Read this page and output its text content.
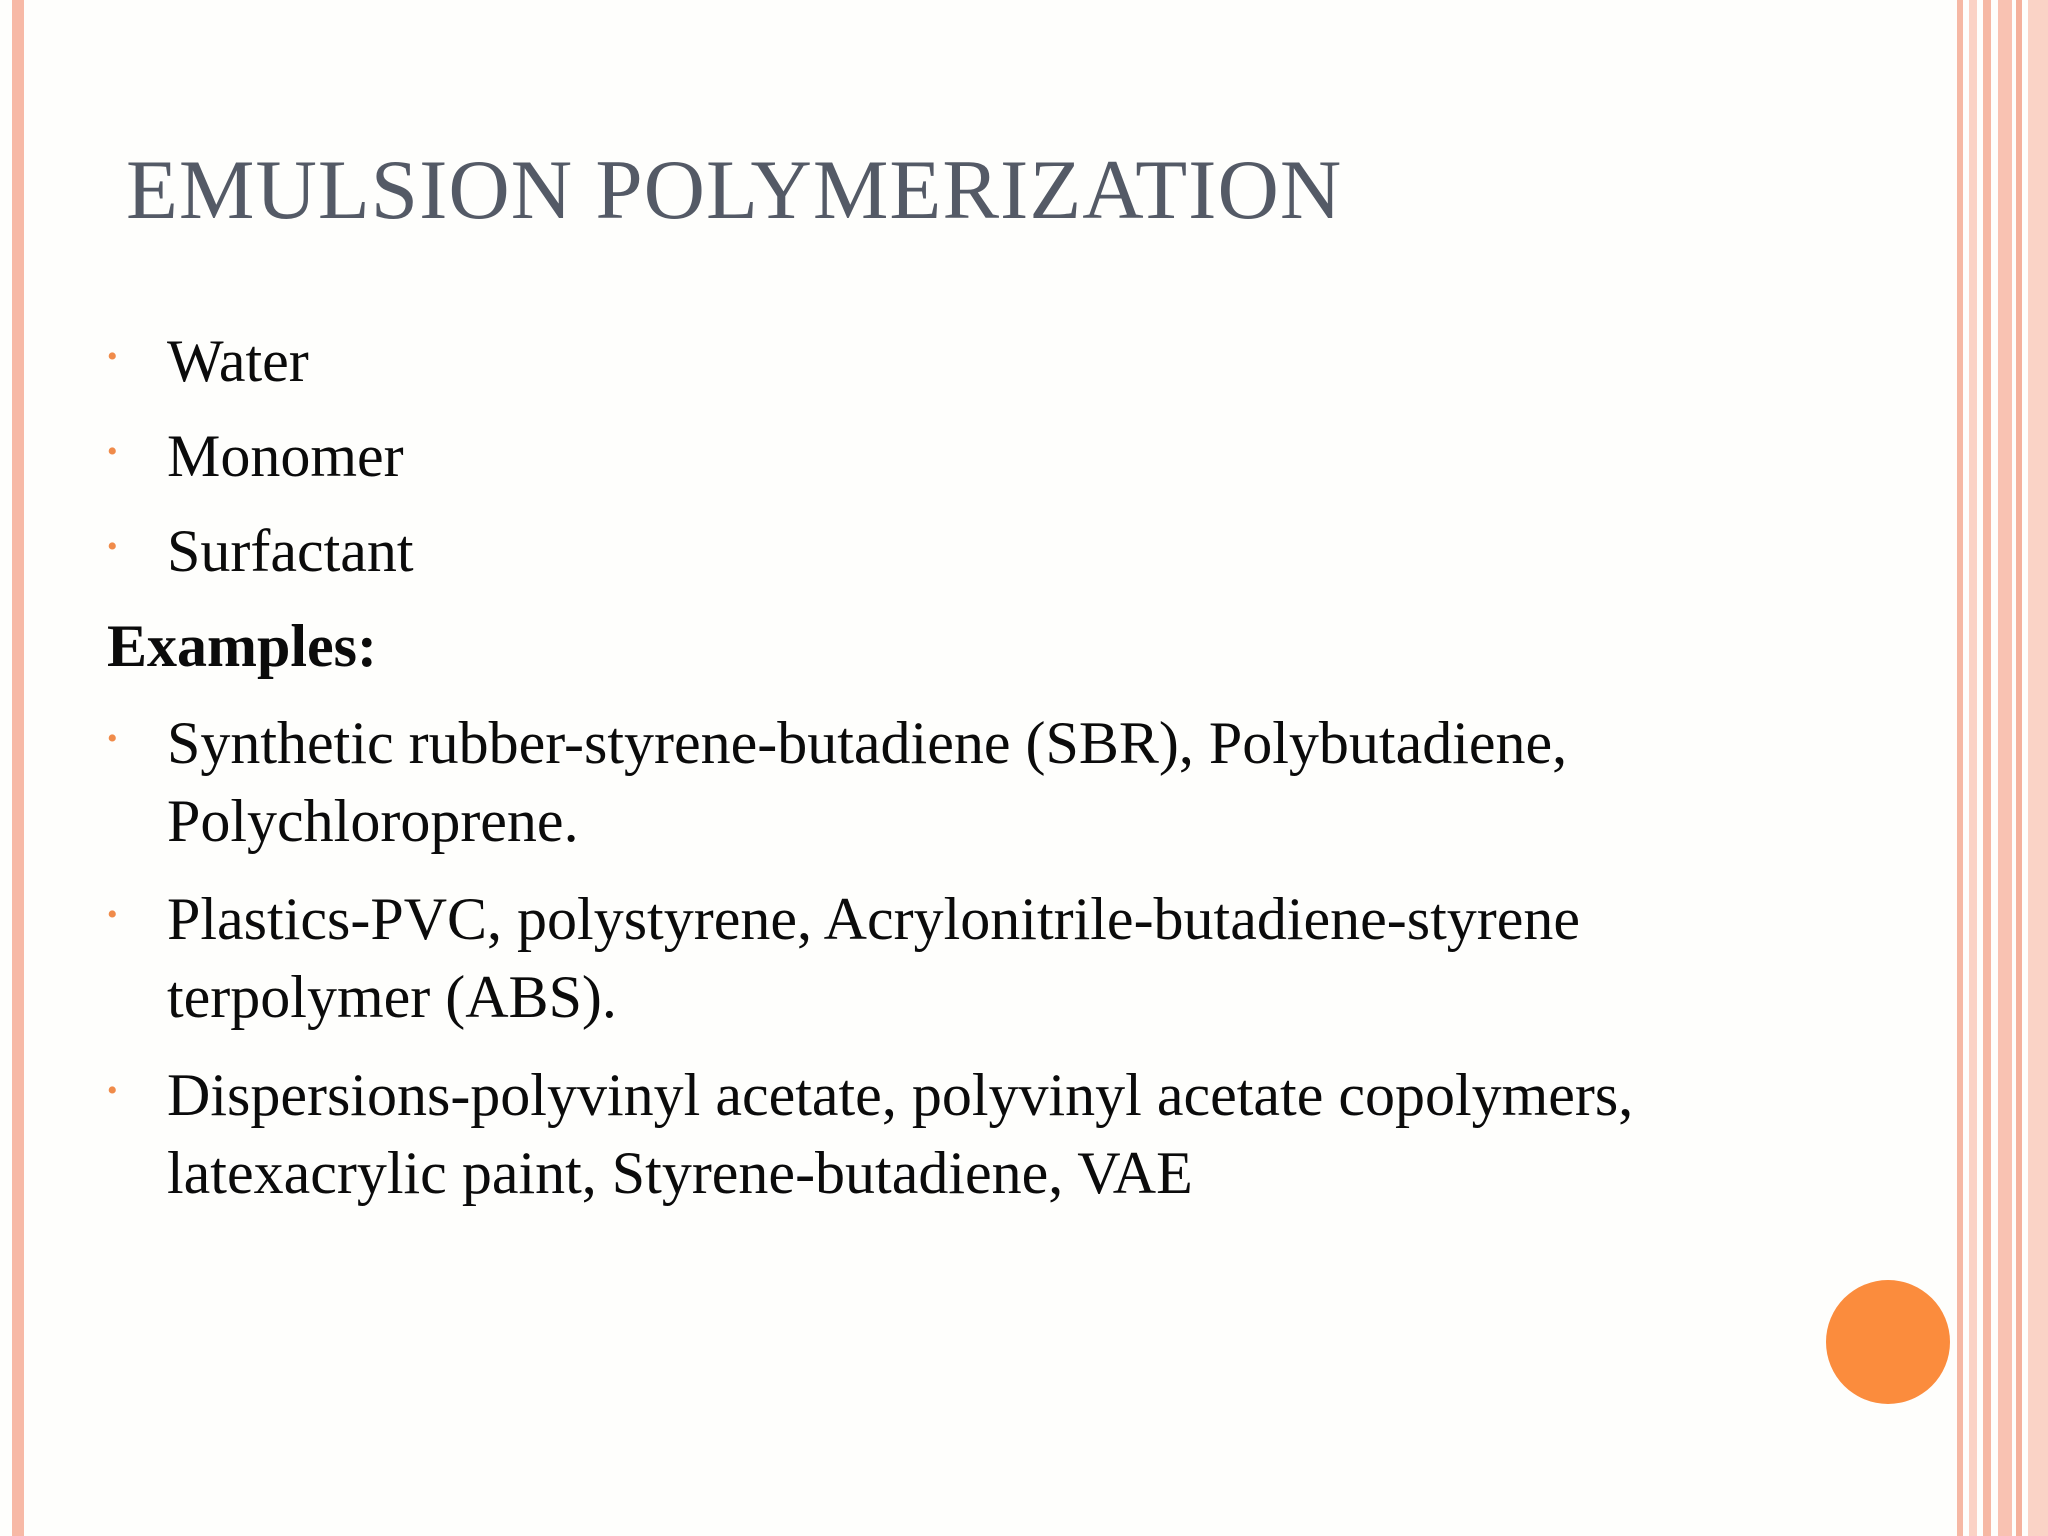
EMULSION POLYMERIZATION
• Water
• Monomer
• Surfactant
Examples:
• Synthetic rubber-styrene-butadiene (SBR), Polybutadiene,
Polychloroprene.
• Plastics-PVC, polystyrene, Acrylonitrile-butadiene-styrene
terpolymer (ABS).
• Dispersions-polyvinyl acetate, polyvinyl acetate copolymers,
latexacrylic paint, Styrene-butadiene, VAE
